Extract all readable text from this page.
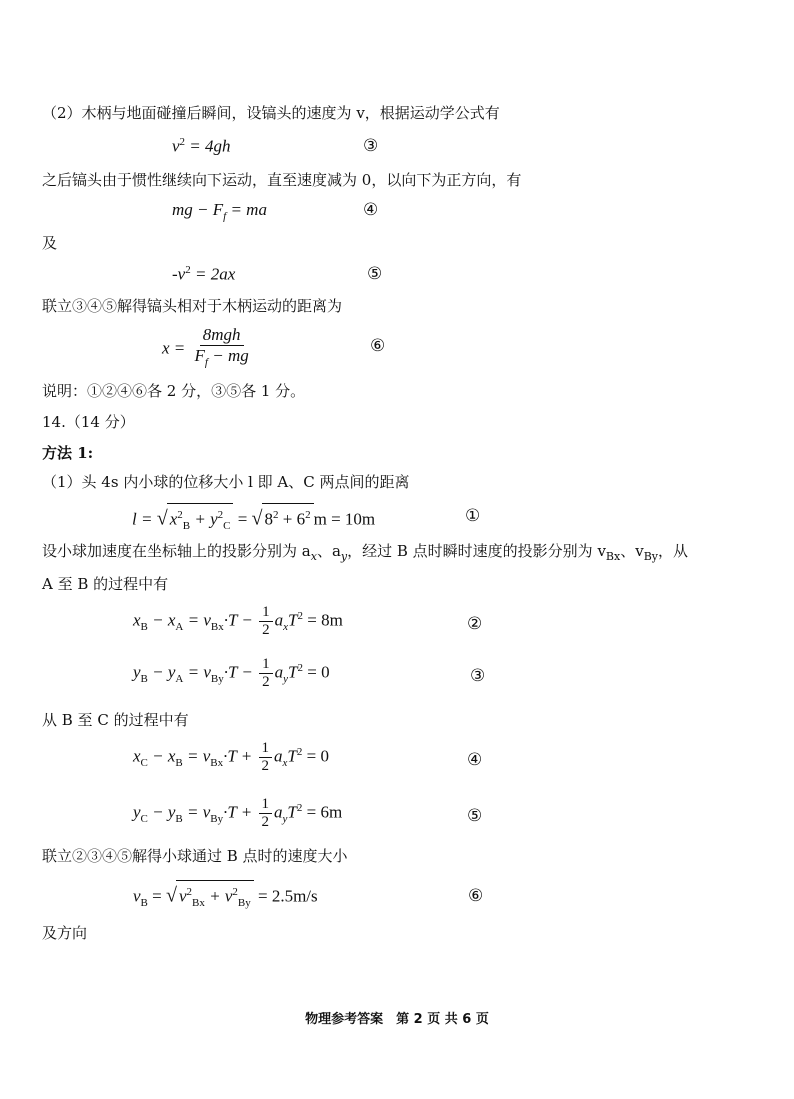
（2）木柄与地面碰撞后瞬间，设镐头的速度为 v，根据运动学公式有
$v^2 = 4gh$	③
之后镐头由于惯性继续向下运动，直至速度减为 0，以向下为正方向，有
mg − $F_f$ = ma	④
及
$-v^2 = 2ax$	⑤
联立③④⑤解得镐头相对于木柄运动的距离为
$x = \frac{\text{8mgh}}{F_f - mg}$	⑥
说明：①②④⑥各 2 分，③⑤各 1 分。
14.（14 分）
方法 1:
（1）头 4s 内小球的位移大小 l 即 A、C 两点间的距离
l = √ $x^2_B + y^2_C$ = √ $8^2 + 6^2$ m = 10m	①
设小球加速度在坐标轴上的投影分别为 $a_x$、$a_y$，经过 B 点时瞬时速度的投影分别为 $v_{Bx}$、$v_{By}$，从
A 至 B 的过程中有
$x_B - x_A = v_{Bx}\cdot T - \frac{1}{2} a_xT^2 = 8m$	②
$y_B - y_A = v_{By}\cdot T - \frac{1}{2} a_yT^2 = 0$	③
从 B 至 C 的过程中有
$x_C - x_B = v_{Bx}\cdot T + \frac{1}{2} a_xT^2 = 0$	④
$y_C - y_B = v_{By}\cdot T + \frac{1}{2} a_yT^2 = 6m$	⑤
联立②③④⑤解得小球通过 B 点时的速度大小
$v_B$ = √ $v^2_{Bx} + v^2_{By} = 2.5m/s$	⑥
及方向
物理参考答案　第 2 页 共 6 页
